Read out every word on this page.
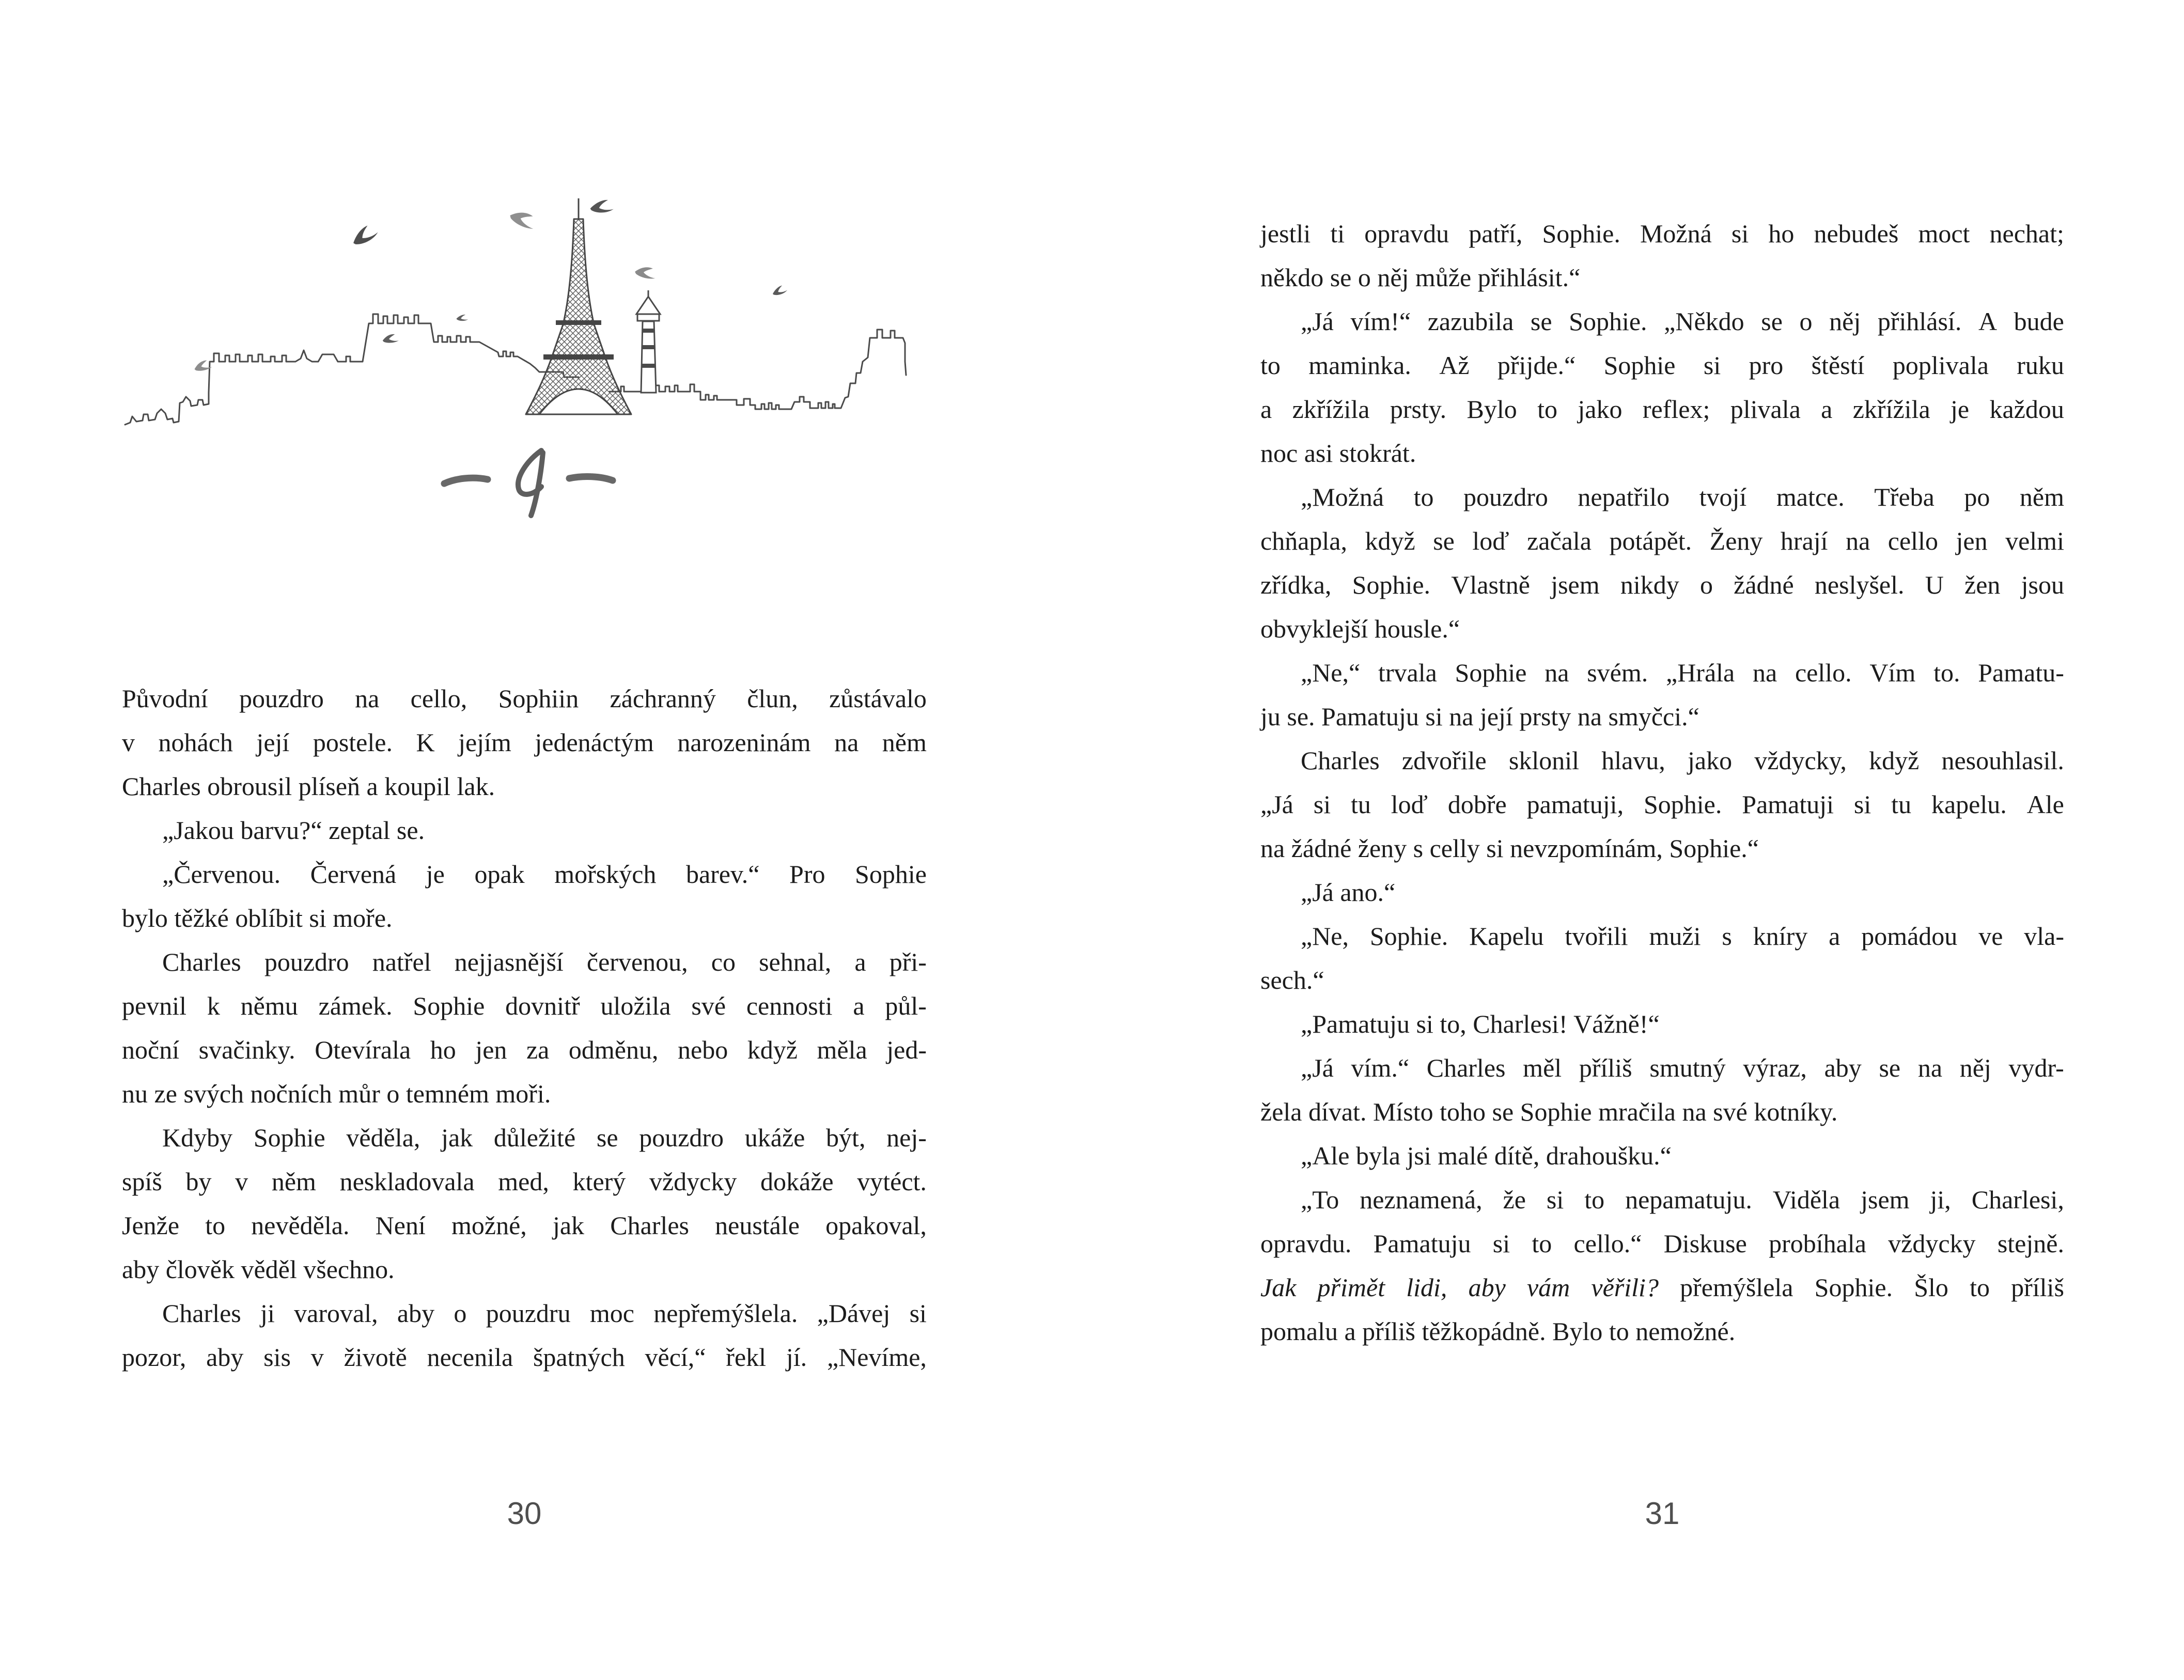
Původní pouzdro na cello, Sophiin záchranný člun, zůstávalo
v nohách její postele. K jejím jedenáctým narozeninám na něm
Charles obrousil plíseň a koupil lak.
„Jakou barvu?“ zeptal se.
„Červenou. Červená je opak mořských barev.“ Pro Sophie
bylo těžké oblíbit si moře.
Charles pouzdro natřel nejjasnější červenou, co sehnal, a při-
pevnil k němu zámek. Sophie dovnitř uložila své cennosti a půl-
noční svačinky. Otevírala ho jen za odměnu, nebo když měla jed-
nu ze svých nočních můr o temném moři.
Kdyby Sophie věděla, jak důležité se pouzdro ukáže být, nej-
spíš by v něm neskladovala med, který vždycky dokáže vytéct.
Jenže to nevěděla. Není možné, jak Charles neustále opakoval,
aby člověk věděl všechno.
Charles ji varoval, aby o pouzdru moc nepřemýšlela. „Dávej si
pozor, aby sis v životě necenila špatných věcí,“ řekl jí. „Nevíme,
30
jestli ti opravdu patří, Sophie. Možná si ho nebudeš moct nechat;
někdo se o něj může přihlásit.“
„Já vím!“ zazubila se Sophie. „Někdo se o něj přihlásí. A bude
to maminka. Až přijde.“ Sophie si pro štěstí poplivala ruku
a zkřížila prsty. Bylo to jako reflex; plivala a zkřížila je každou
noc asi stokrát.
„Možná to pouzdro nepatřilo tvojí matce. Třeba po něm
chňapla, když se loď začala potápět. Ženy hrají na cello jen velmi
zřídka, Sophie. Vlastně jsem nikdy o žádné neslyšel. U žen jsou
obvyklejší housle.“
„Ne,“ trvala Sophie na svém. „Hrála na cello. Vím to. Pamatu-
ju se. Pamatuju si na její prsty na smyčci.“
Charles zdvořile sklonil hlavu, jako vždycky, když nesouhlasil.
„Já si tu loď dobře pamatuji, Sophie. Pamatuji si tu kapelu. Ale
na žádné ženy s celly si nevzpomínám, Sophie.“
„Já ano.“
„Ne, Sophie. Kapelu tvořili muži s kníry a pomádou ve vla-
sech.“
„Pamatuju si to, Charlesi! Vážně!“
„Já vím.“ Charles měl příliš smutný výraz, aby se na něj vydr-
žela dívat. Místo toho se Sophie mračila na své kotníky.
„Ale byla jsi malé dítě, drahoušku.“
„To neznamená, že si to nepamatuju. Viděla jsem ji, Charlesi,
opravdu. Pamatuju si to cello.“ Diskuse probíhala vždycky stejně.
Jak přimět lidi, aby vám věřili? přemýšlela Sophie. Šlo to příliš
pomalu a příliš těžkopádně. Bylo to nemožné.
31
